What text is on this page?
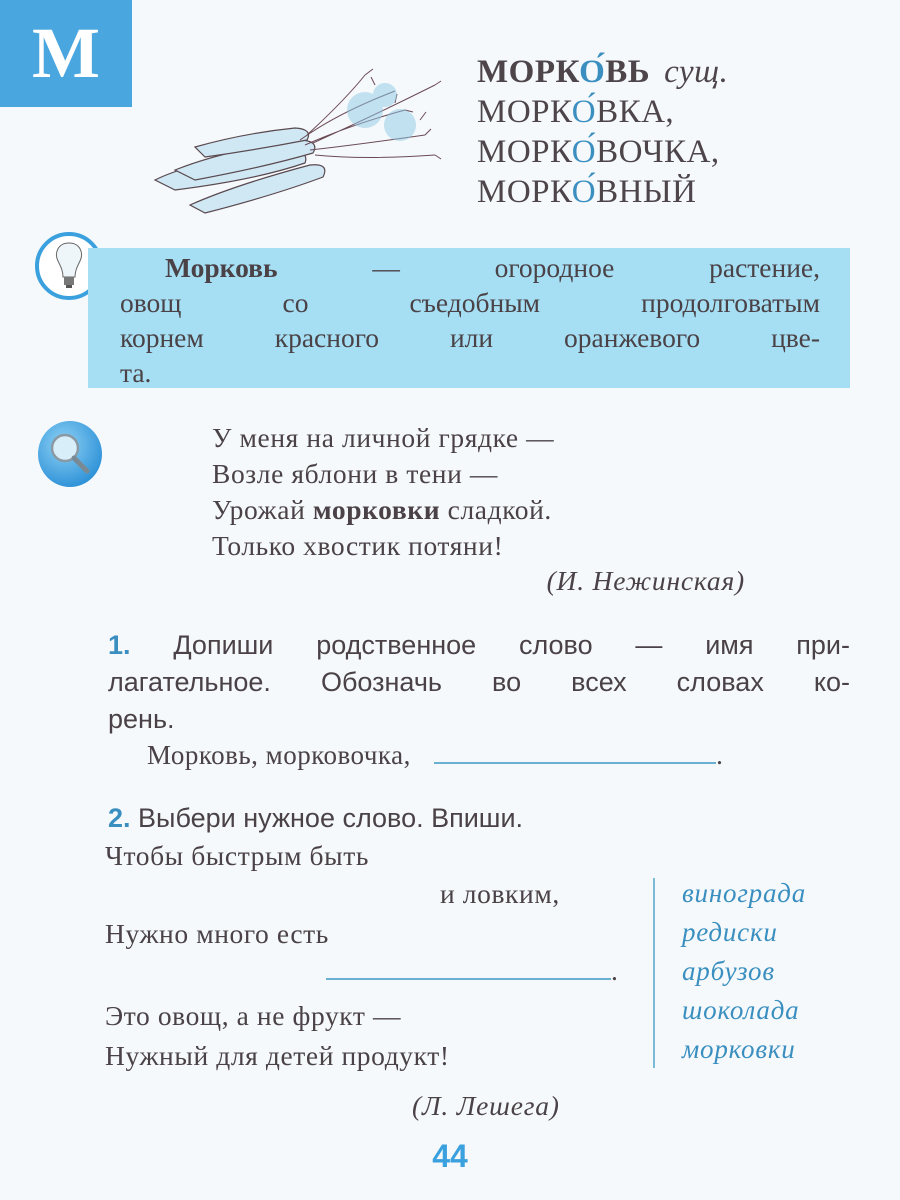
М	МОРКО́ВЬ сущ.
МОРКО́ВКА,
МОРКО́ВОЧКА,
МОРКО́ВНЫЙ
Морковь	— огородное растение,
овощ со съедобным продолговатым
корнем красного или оранжевого цве-
та.
У меня на личной грядке —
Возле яблони в тени —
Урожай морковки сладкой.
Только хвостик потяни!
(И. Нежинская)
1. Допиши родственное слово — имя при-
лагательное. Обозначь во всех словах ко-
рень.
Морковь, морковочка,	.
2. Выбери нужное слово. Впиши.
Чтобы быстрым быть
и ловким,
Нужно много есть
.
Это овощ, а не фрукт —
Нужный для детей продукт!
винограда
редиски
арбузов
шоколада
морковки
(Л. Лешега)
44
